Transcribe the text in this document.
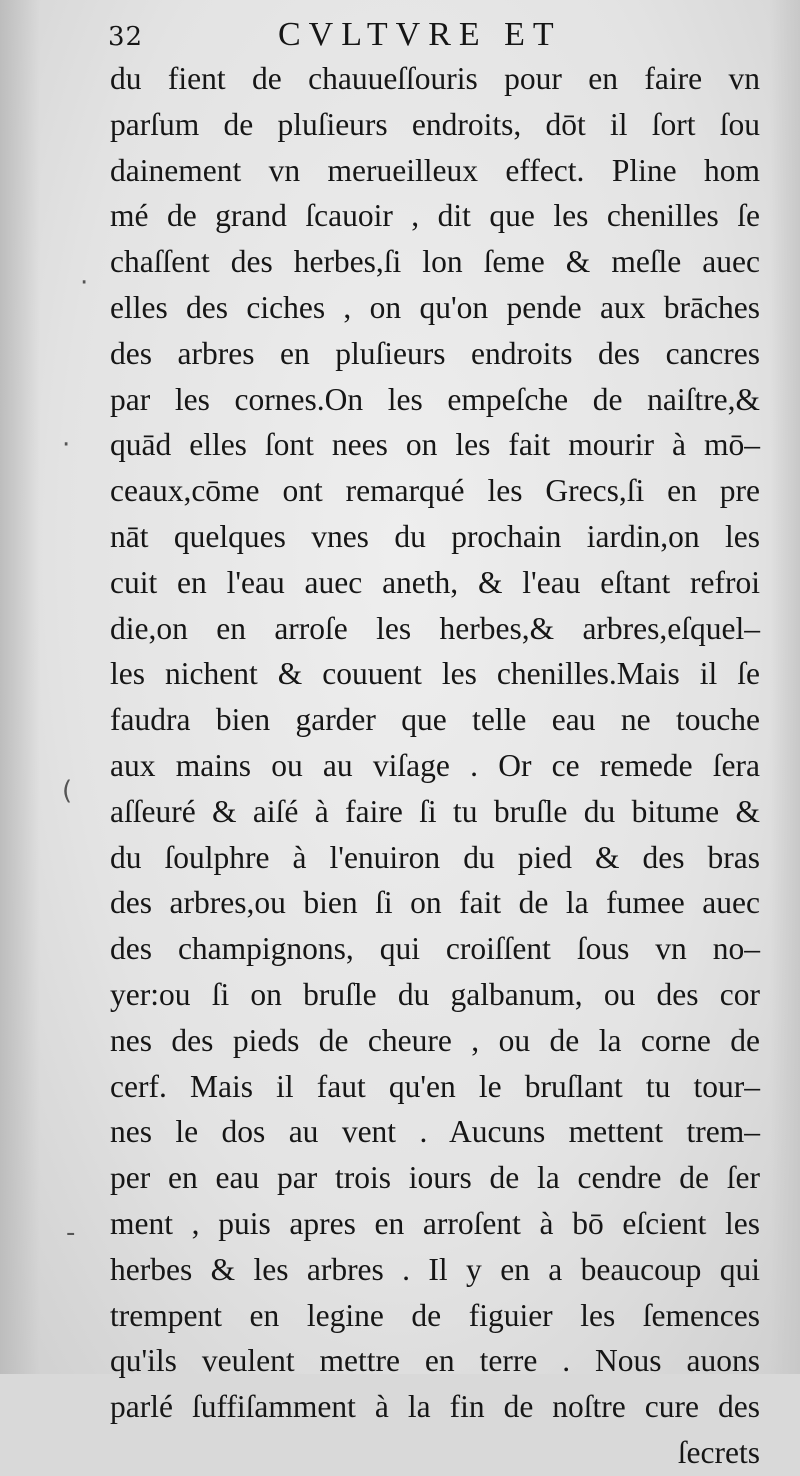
32	CVLTVRE ET
·
·
(
-
du fient de chauueſſouris pour en faire vn
parſum de pluſieurs endroits, dōt il ſort ſou
dainement vn merueilleux effect. Pline hom
mé de grand ſcauoir , dit que les chenilles ſe
chaſſent des herbes,ſi lon ſeme & meſle auec
elles des ciches , on qu'on pende aux brāches
des arbres en pluſieurs endroits des cancres
par les cornes.On les empeſche de naiſtre,&
quād elles ſont nees on les fait mourir à mō–
ceaux,cōme ont remarqué les Grecs,ſi en pre
nāt quelques vnes du prochain iardin,on les
cuit en l'eau auec aneth, & l'eau eſtant refroi
die,on en arroſe les herbes,& arbres,eſquel–
les nichent & couuent les chenilles.Mais il ſe
faudra bien garder que telle eau ne touche
aux mains ou au viſage . Or ce remede ſera
aſſeuré & aiſé à faire ſi tu bruſle du bitume &
du ſoulphre à l'enuiron du pied & des bras
des arbres,ou bien ſi on fait de la fumee auec
des champignons, qui croiſſent ſous vn no–
yer:ou ſi on bruſle du galbanum, ou des cor
nes des pieds de cheure , ou de la corne de
cerf. Mais il faut qu'en le bruſlant tu tour–
nes le dos au vent . Aucuns mettent trem–
per en eau par trois iours de la cendre de ſer
ment , puis apres en arroſent à bō eſcient les
herbes & les arbres . Il y en a beaucoup qui
trempent en legine de figuier les ſemences
qu'ils veulent mettre en terre . Nous auons
parlé ſuffiſamment à la fin de noſtre cure des
ſecrets
